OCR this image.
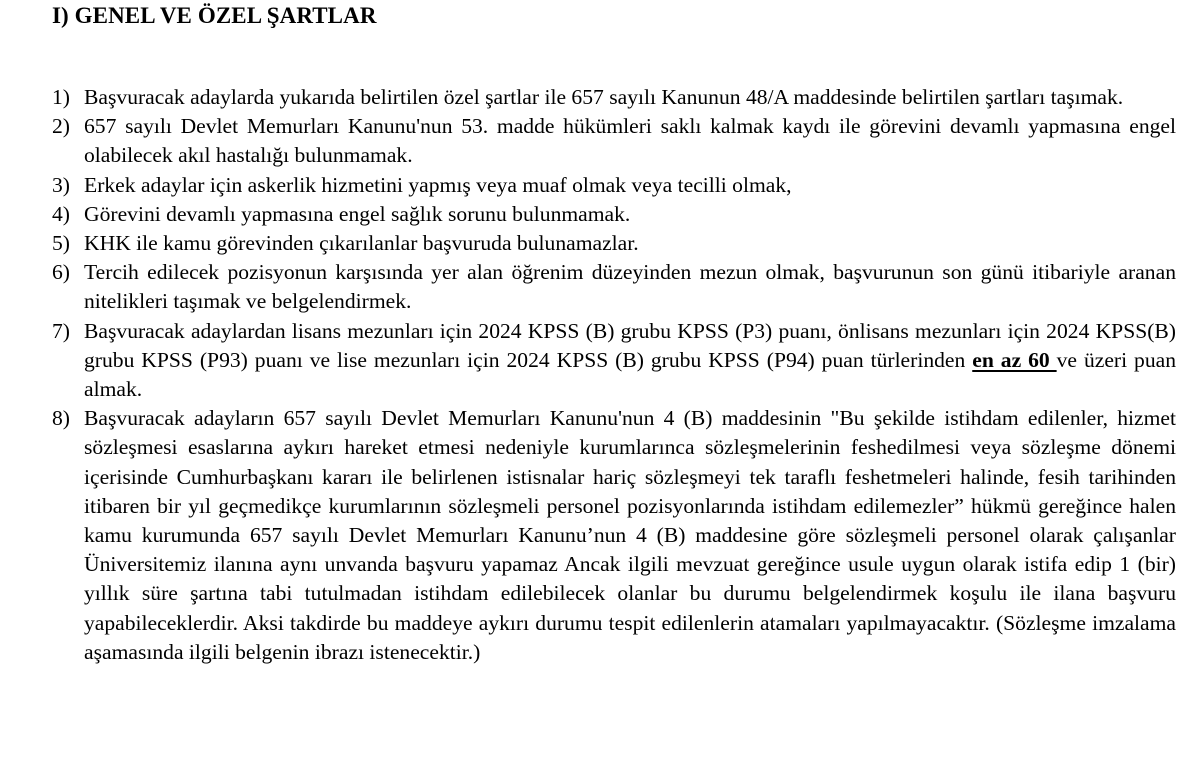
I) GENEL VE ÖZEL ŞARTLAR
1) Başvuracak adaylarda yukarıda belirtilen özel şartlar ile 657 sayılı Kanunun 48/A maddesinde belirtilen şartları taşımak.
2) 657 sayılı Devlet Memurları Kanunu'nun 53. madde hükümleri saklı kalmak kaydı ile görevini devamlı yapmasına engel olabilecek akıl hastalığı bulunmamak.
3) Erkek adaylar için askerlik hizmetini yapmış veya muaf olmak veya tecilli olmak,
4) Görevini devamlı yapmasına engel sağlık sorunu bulunmamak.
5) KHK ile kamu görevinden çıkarılanlar başvuruda bulunamazlar.
6) Tercih edilecek pozisyonun karşısında yer alan öğrenim düzeyinden mezun olmak, başvurunun son günü itibariyle aranan nitelikleri taşımak ve belgelendirmek.
7) Başvuracak adaylardan lisans mezunları için 2024 KPSS (B) grubu KPSS (P3) puanı, önlisans mezunları için 2024 KPSS(B) grubu KPSS (P93) puanı ve lise mezunları için 2024 KPSS (B) grubu KPSS (P94) puan türlerinden en az 60 ve üzeri puan almak.
8) Başvuracak adayların 657 sayılı Devlet Memurları Kanunu'nun 4 (B) maddesinin "Bu şekilde istihdam edilenler, hizmet sözleşmesi esaslarına aykırı hareket etmesi nedeniyle kurumlarınca sözleşmelerinin feshedilmesi veya sözleşme dönemi içerisinde Cumhurbaşkanı kararı ile belirlenen istisnalar hariç sözleşmeyi tek taraflı feshetmeleri halinde, fesih tarihinden itibaren bir yıl geçmedikçe kurumlarının sözleşmeli personel pozisyonlarında istihdam edilemezler” hükmü gereğince halen kamu kurumunda 657 sayılı Devlet Memurları Kanunu’nun 4 (B) maddesine göre sözleşmeli personel olarak çalışanlar Üniversitemiz ilanına aynı unvanda başvuru yapamaz Ancak ilgili mevzuat gereğince usule uygun olarak istifa edip 1 (bir) yıllık süre şartına tabi tutulmadan istihdam edilebilecek olanlar bu durumu belgelendirmek koşulu ile ilana başvuru yapabileceklerdir. Aksi takdirde bu maddeye aykırı durumu tespit edilenlerin atamaları yapılmayacaktır. (Sözleşme imzalama aşamasında ilgili belgenin ibrazı istenecektir.)
